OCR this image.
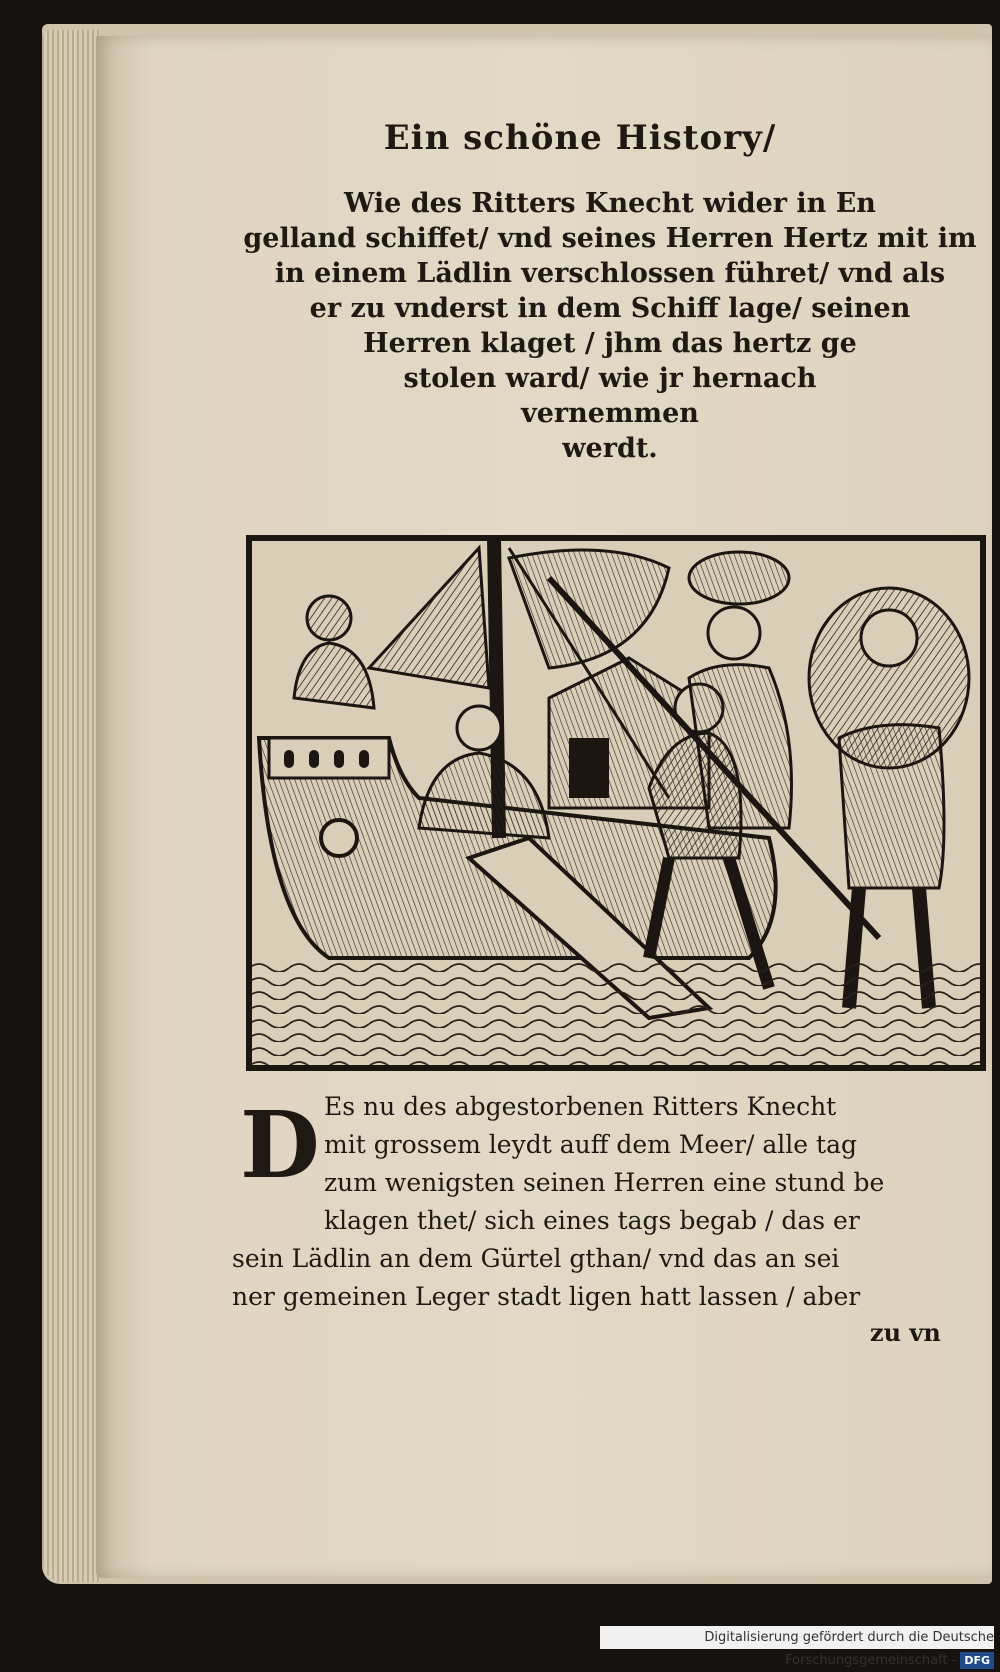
Ein schöne History/
Wie des Ritters Knecht wider in En
gelland schiffet/ vnd seines Herren Hertz mit im
in einem Lädlin verschlossen führet/ vnd als
er zu vnderst in dem Schiff lage/ seinen
Herren klaget / jhm das hertz ge
stolen ward/ wie jr hernach
vernemmen
werdt.
D Es nu des abgestorbenen Ritters Knecht
mit grossem leydt auff dem Meer/ alle tag
zum wenigsten seinen Herren eine stund be
klagen thet/ sich eines tags begab / das er
sein Lädlin an dem Gürtel gthan/ vnd das an sei
ner gemeinen Leger stadt ligen hatt lassen / aber
zu vn
Digitalisierung gefördert durch die Deutsche Forschungsgemeinschaft - DFG
